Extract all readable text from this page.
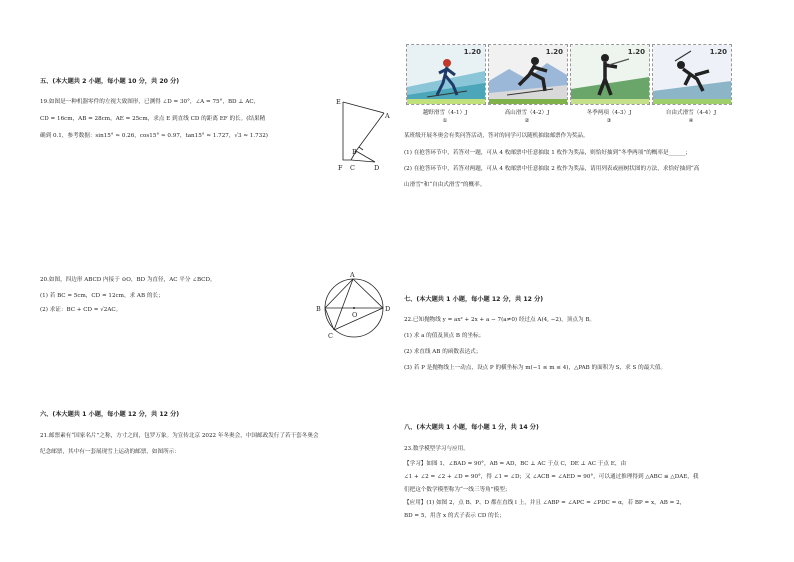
五、(本大题共 2 小题，每小题 10 分，共 20 分)
19.如图是一种机器零件的左视大致图形，已测得 ∠D = 30°，∠A = 75°，BD ⊥ AC，
CD = 16cm，AB = 28cm，AE = 25cm，求点 E 到直线 CD 的距离 EF 的长。(结果精
确到 0.1，参考数据：sin15° ≈ 0.26，cos15° ≈ 0.97，tan15° ≈ 1.727，√3 ≈ 1.732)
E
A
B
F C	D
20.如图，四边形 ABCD 内接于 ⊙O，BD 为直径，AC 平分 ∠BCD。
(1) 若 BC = 5cm，CD = 12cm，求 AB 的长；
(2) 求证：BC + CD = √2AC。
A
B
O
D
C
六、(本大题共 1 小题，每小题 12 分，共 12 分)
21.邮票素有“国家名片”之称，方寸之间，包罗万象。为宣传北京 2022 年冬奥会，中国邮政发行了若干套冬奥会
纪念邮票，其中有一套展现雪上运动的邮票，如图所示：
1.20	1.20	1.20	1.20
越野滑雪（4-1）J	高山滑雪（4-2）J	冬季两项（4-3）J	自由式滑雪（4-4）J
①	②	③	④
某班级开展冬奥会有奖问答活动，答对的同学可以随机抽取邮票作为奖品。
(1) 在抢答环节中，若答对一题，可从 4 枚邮票中任意抽取 1 枚作为奖品，则恰好抽到“冬季两项”的概率是______；
(2) 在抢答环节中，若答对两题，可从 4 枚邮票中任意抽取 2 枚作为奖品，请用列表或画树状图的方法，求恰好抽到“高
山滑雪”和“自由式滑雪”的概率。
七、(本大题共 1 小题，每小题 12 分，共 12 分)
22.已知抛物线 y = ax² + 2x + a − 7(a≠0) 经过点 A(4, −2)，顶点为 B。
(1) 求 a 的值及顶点 B 的坐标；
(2) 求直线 AB 的函数表达式；
(3) 若 P 是抛物线上一动点，设点 P 的横坐标为 m(−1 ≤ m ≤ 4)，△PAB 的面积为 S，求 S 的最大值。
八、(本大题共 1 小题，每小题 1 分，共 14 分)
23.数学模型学习与应用。
【学习】如图 1，∠BAD = 90°，AB = AD，BC ⊥ AC 于点 C，DE ⊥ AC 于点 E，由
∠1 + ∠2 = ∠2 + ∠D = 90°，得 ∠1 = ∠D；又 ∠ACB = ∠AED = 90°，可以通过推理得到 △ABC ≌ △DAE，我
们把这个数学模型称为“一线三等角”模型；
【应用】(1) 如图 2，点 B、P、D 都在直线 l 上，并且 ∠ABP = ∠APC = ∠PDC = α，若 BP = x，AB = 2，
BD = 5，用含 x 的式子表示 CD 的长；
